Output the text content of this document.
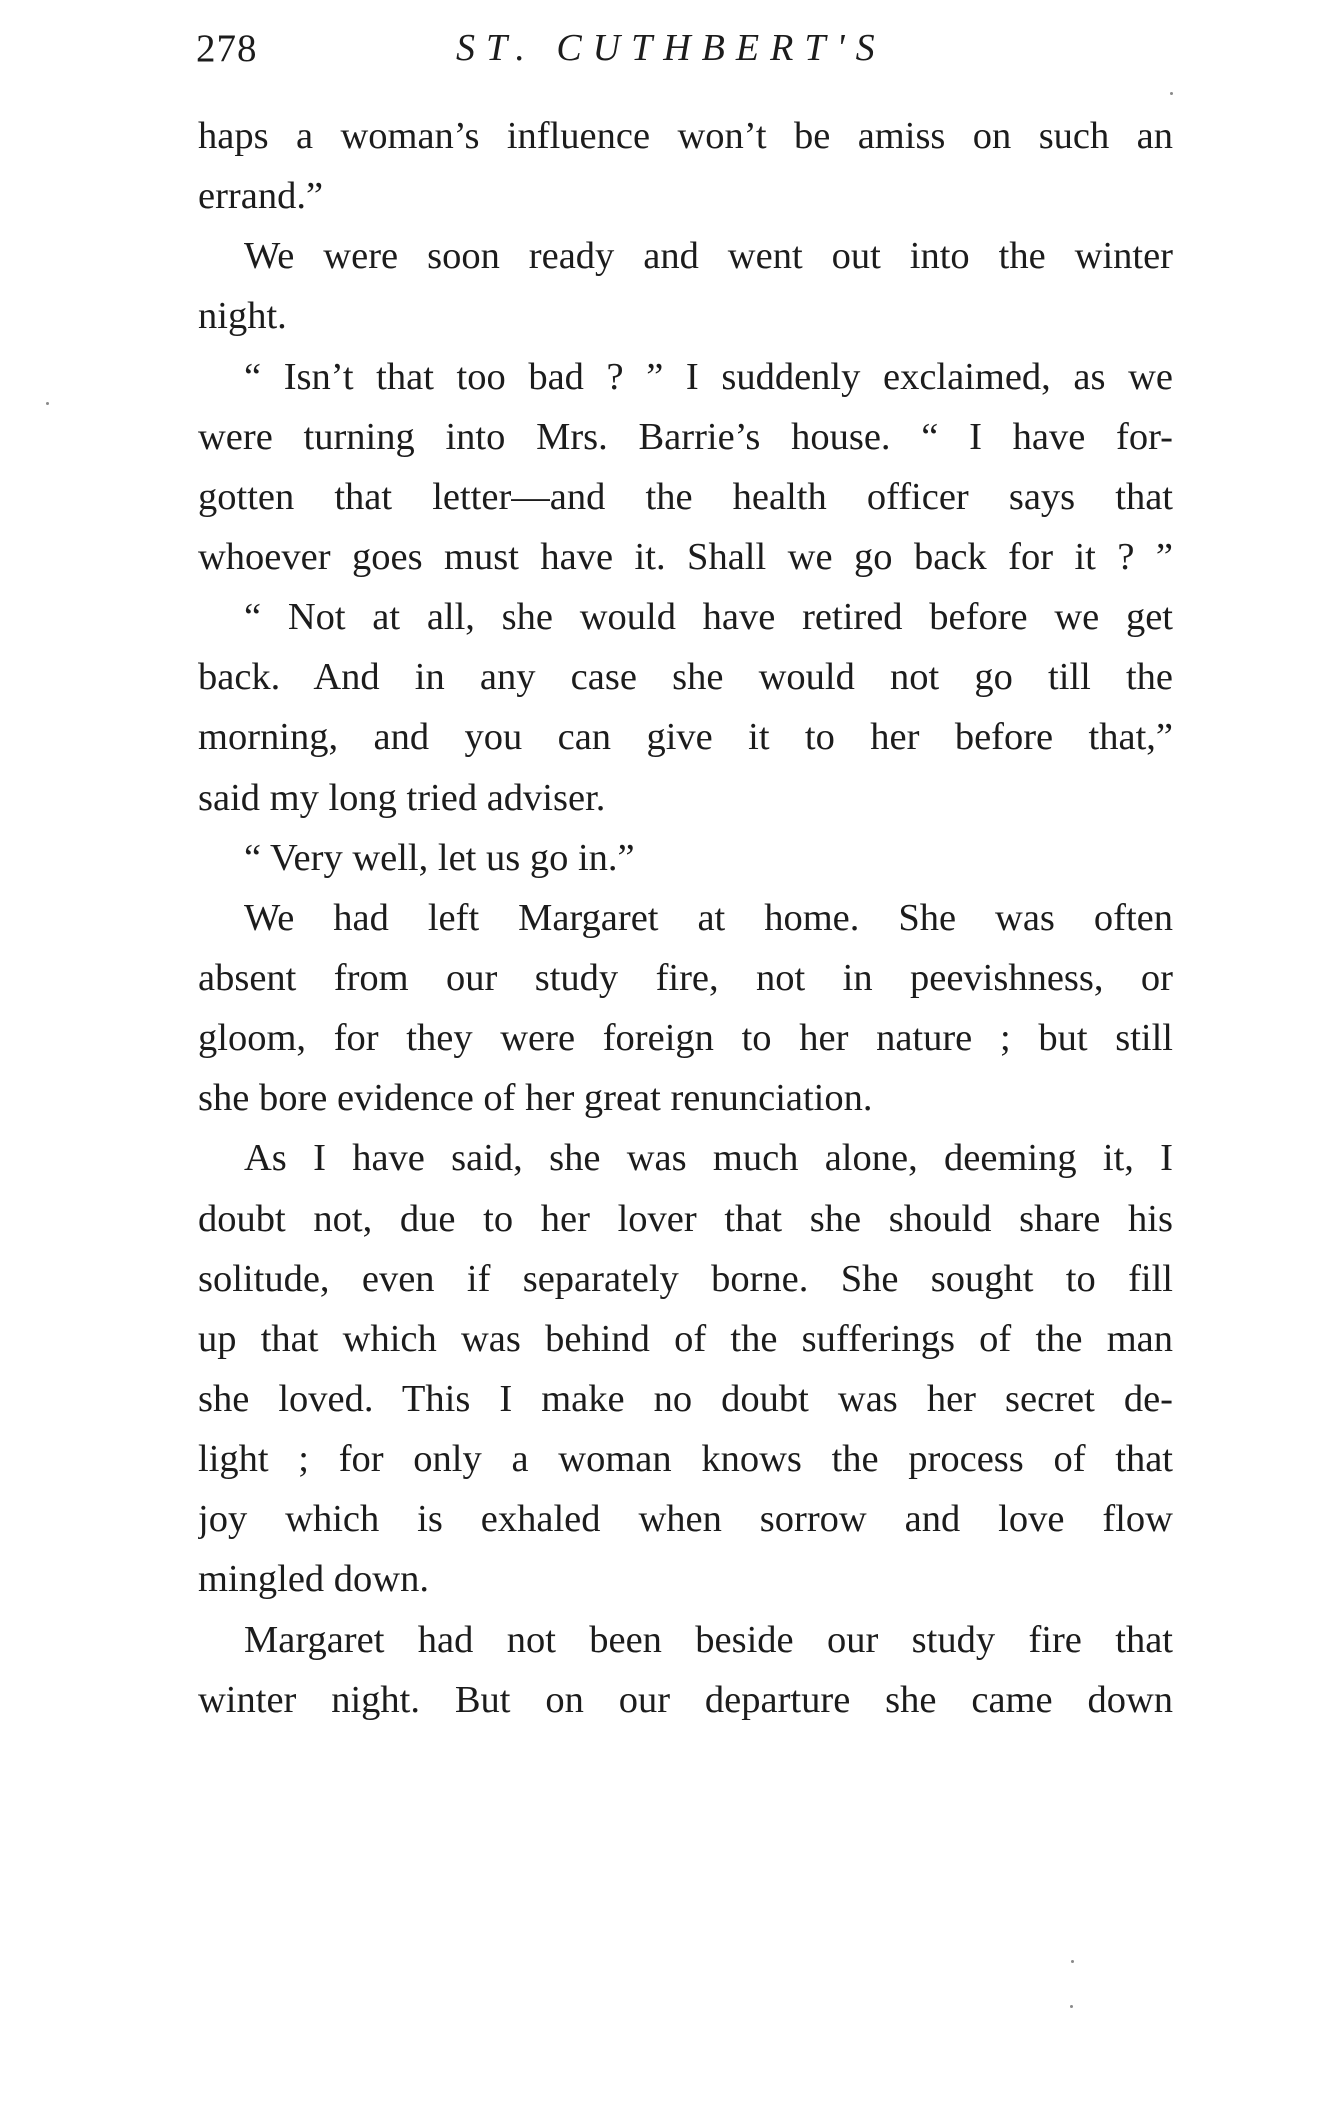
278	ST. CUTHBERT'S
haps a woman’s influence won’t be amiss on such an
errand.”
We were soon ready and went out into the winter
night.
“ Isn’t that too bad ? ” I suddenly exclaimed, as we
were turning into Mrs. Barrie’s house. “ I have for-
gotten that letter—and the health officer says that
whoever goes must have it. Shall we go back for it ? ”
“ Not at all, she would have retired before we get
back. And in any case she would not go till the
morning, and you can give it to her before that,”
said my long tried adviser.
“ Very well, let us go in.”
We had left Margaret at home. She was often
absent from our study fire, not in peevishness, or
gloom, for they were foreign to her nature ; but still
she bore evidence of her great renunciation.
As I have said, she was much alone, deeming it, I
doubt not, due to her lover that she should share his
solitude, even if separately borne. She sought to fill
up that which was behind of the sufferings of the man
she loved. This I make no doubt was her secret de-
light ; for only a woman knows the process of that
joy which is exhaled when sorrow and love flow
mingled down.
Margaret had not been beside our study fire that
winter night. But on our departure she came down
